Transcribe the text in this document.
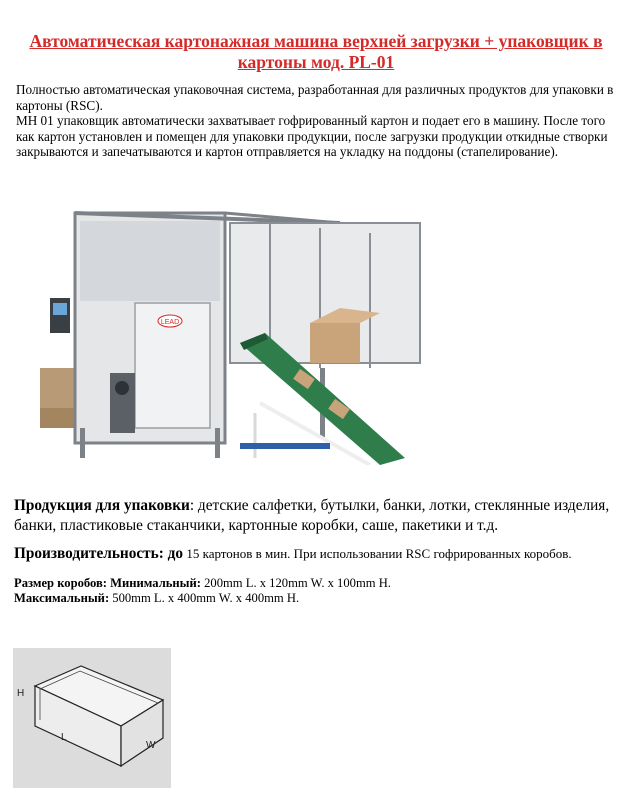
Автоматическая картонажная машина верхней загрузки + упаковщик в картоны мод. PL-01

Полностью автоматическая упаковочная система, разработанная для различных продуктов для упаковки в картоны (RSC).

МН 01 упаковщик автоматически захватывает гофрированный картон и подает его в машину. После того как картон установлен и помещен для упаковки продукции, после загрузки продукции откидные створки закрываются и запечатываются и картон отправляется на укладку на поддоны (стапелирование).

LEAD
Продукция для упаковки: детские салфетки, бутылки, банки, лотки, стеклянные изделия, банки, пластиковые стаканчики, картонные коробки, саше, пакетики и т.д.
Производительность: до 15 картонов в мин. При использовании RSC гофрированных коробов.
Размер коробов: Минимальный: 200mm L. x 120mm W. x 100mm H.
Максимальный: 500mm L. x 400mm W. x 400mm H.
H
L
W
